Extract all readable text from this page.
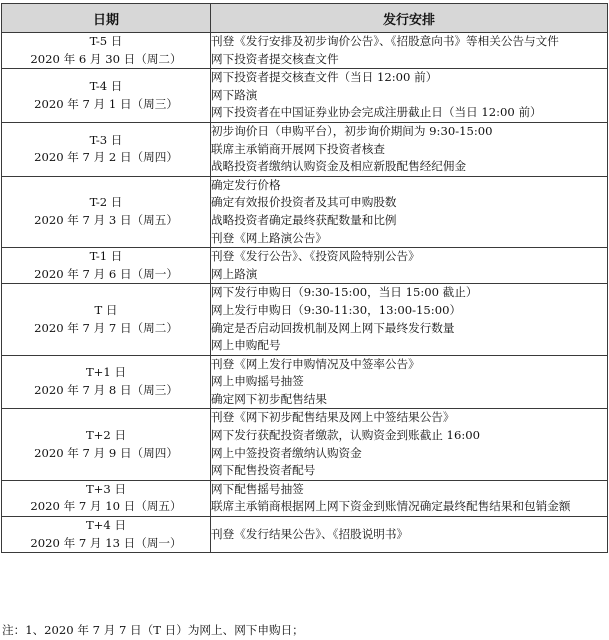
日期	发行安排

T-5 日
2020 年 6 月 30 日（周二）	刊登《发行安排及初步询价公告》、《招股意向书》等相关公告与文件
网下投资者提交核查文件

T-4 日
2020 年 7 月 1 日（周三）	网下投资者提交核查文件（当日 12:00 前）
网下路演
网下投资者在中国证券业协会完成注册截止日（当日 12:00 前）

T-3 日
2020 年 7 月 2 日（周四）	初步询价日（申购平台），初步询价期间为 9:30-15:00
联席主承销商开展网下投资者核查
战略投资者缴纳认购资金及相应新股配售经纪佣金

T-2 日
2020 年 7 月 3 日（周五）	确定发行价格
确定有效报价投资者及其可申购股数
战略投资者确定最终获配数量和比例
刊登《网上路演公告》

T-1 日
2020 年 7 月 6 日（周一）	刊登《发行公告》、《投资风险特别公告》
网上路演

T 日
2020 年 7 月 7 日（周二）	网下发行申购日（9:30-15:00，当日 15:00 截止）
网上发行申购日（9:30-11:30，13:00-15:00）
确定是否启动回拨机制及网上网下最终发行数量
网上申购配号

T+1 日
2020 年 7 月 8 日（周三）	刊登《网上发行申购情况及中签率公告》
网上申购摇号抽签
确定网下初步配售结果

T+2 日
2020 年 7 月 9 日（周四）	刊登《网下初步配售结果及网上中签结果公告》
网下发行获配投资者缴款，认购资金到账截止 16:00
网上中签投资者缴纳认购资金
网下配售投资者配号

T+3 日
2020 年 7 月 10 日（周五）	网下配售摇号抽签
联席主承销商根据网上网下资金到账情况确定最终配售结果和包销金额

T+4 日
2020 年 7 月 13 日（周一）	刊登《发行结果公告》、《招股说明书》
注：1、2020 年 7 月 7 日（T 日）为网上、网下申购日；
